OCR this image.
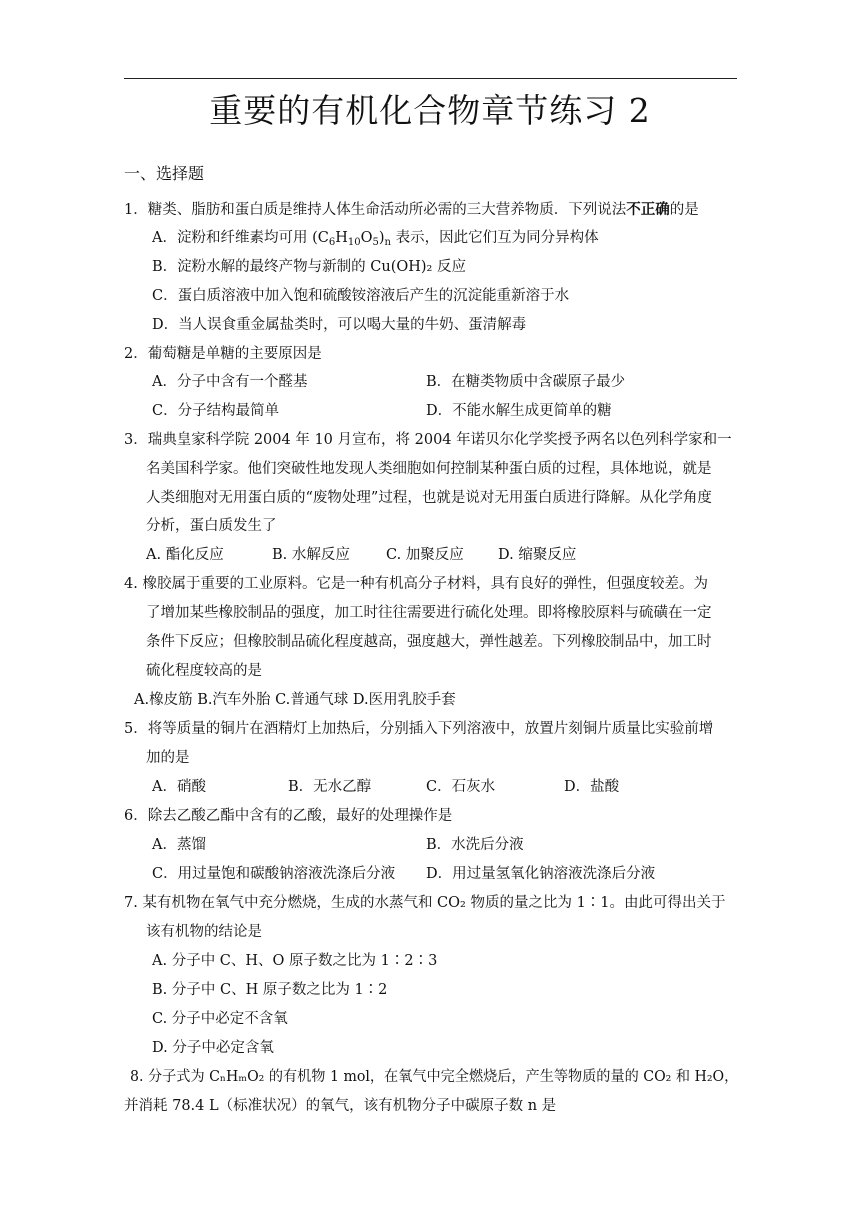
重要的有机化合物章节练习 2
一、选择题
1．糖类、脂肪和蛋白质是维持人体生命活动所必需的三大营养物质．下列说法不正确的是
A．淀粉和纤维素均可用 $(C_6H_{10}O_5)_n$ 表示，因此它们互为同分异构体
B．淀粉水解的最终产物与新制的 Cu(OH)₂ 反应
C．蛋白质溶液中加入饱和硫酸铵溶液后产生的沉淀能重新溶于水
D．当人误食重金属盐类时，可以喝大量的牛奶、蛋清解毒
2．葡萄糖是单糖的主要原因是
A．分子中含有一个醛基	B．在糖类物质中含碳原子最少
C．分子结构最简单	D．不能水解生成更简单的糖
3．瑞典皇家科学院 2004 年 10 月宣布，将 2004 年诺贝尔化学奖授予两名以色列科学家和一
名美国科学家。他们突破性地发现人类细胞如何控制某种蛋白质的过程，具体地说，就是
人类细胞对无用蛋白质的“废物处理”过程，也就是说对无用蛋白质进行降解。从化学角度
分析，蛋白质发生了
A. 酯化反应	B. 水解反应 C. 加聚反应 D. 缩聚反应
4. 橡胶属于重要的工业原料。它是一种有机高分子材料，具有良好的弹性，但强度较差。为
了增加某些橡胶制品的强度，加工时往往需要进行硫化处理。即将橡胶原料与硫磺在一定
条件下反应；但橡胶制品硫化程度越高，强度越大，弹性越差。下列橡胶制品中，加工时
硫化程度较高的是
A.橡皮筋 B.汽车外胎 C.普通气球 D.医用乳胶手套
5．将等质量的铜片在酒精灯上加热后，分别插入下列溶液中，放置片刻铜片质量比实验前增
加的是
A．硝酸	B．无水乙醇	C．石灰水	D．盐酸
6．除去乙酸乙酯中含有的乙酸，最好的处理操作是
A．蒸馏	B．水洗后分液
C．用过量饱和碳酸钠溶液洗涤后分液 D．用过量氢氧化钠溶液洗涤后分液
7. 某有机物在氧气中充分燃烧，生成的水蒸气和 CO₂ 物质的量之比为 1∶1。由此可得出关于
该有机物的结论是
A. 分子中 C、H、O 原子数之比为 1∶2∶3
B. 分子中 C、H 原子数之比为 1∶2
C. 分子中必定不含氧
D. 分子中必定含氧
8. 分子式为 CₙHₘO₂ 的有机物 1 mol，在氧气中完全燃烧后，产生等物质的量的 CO₂ 和 H₂O，
并消耗 78.4 L（标准状况）的氧气，该有机物分子中碳原子数 n 是
